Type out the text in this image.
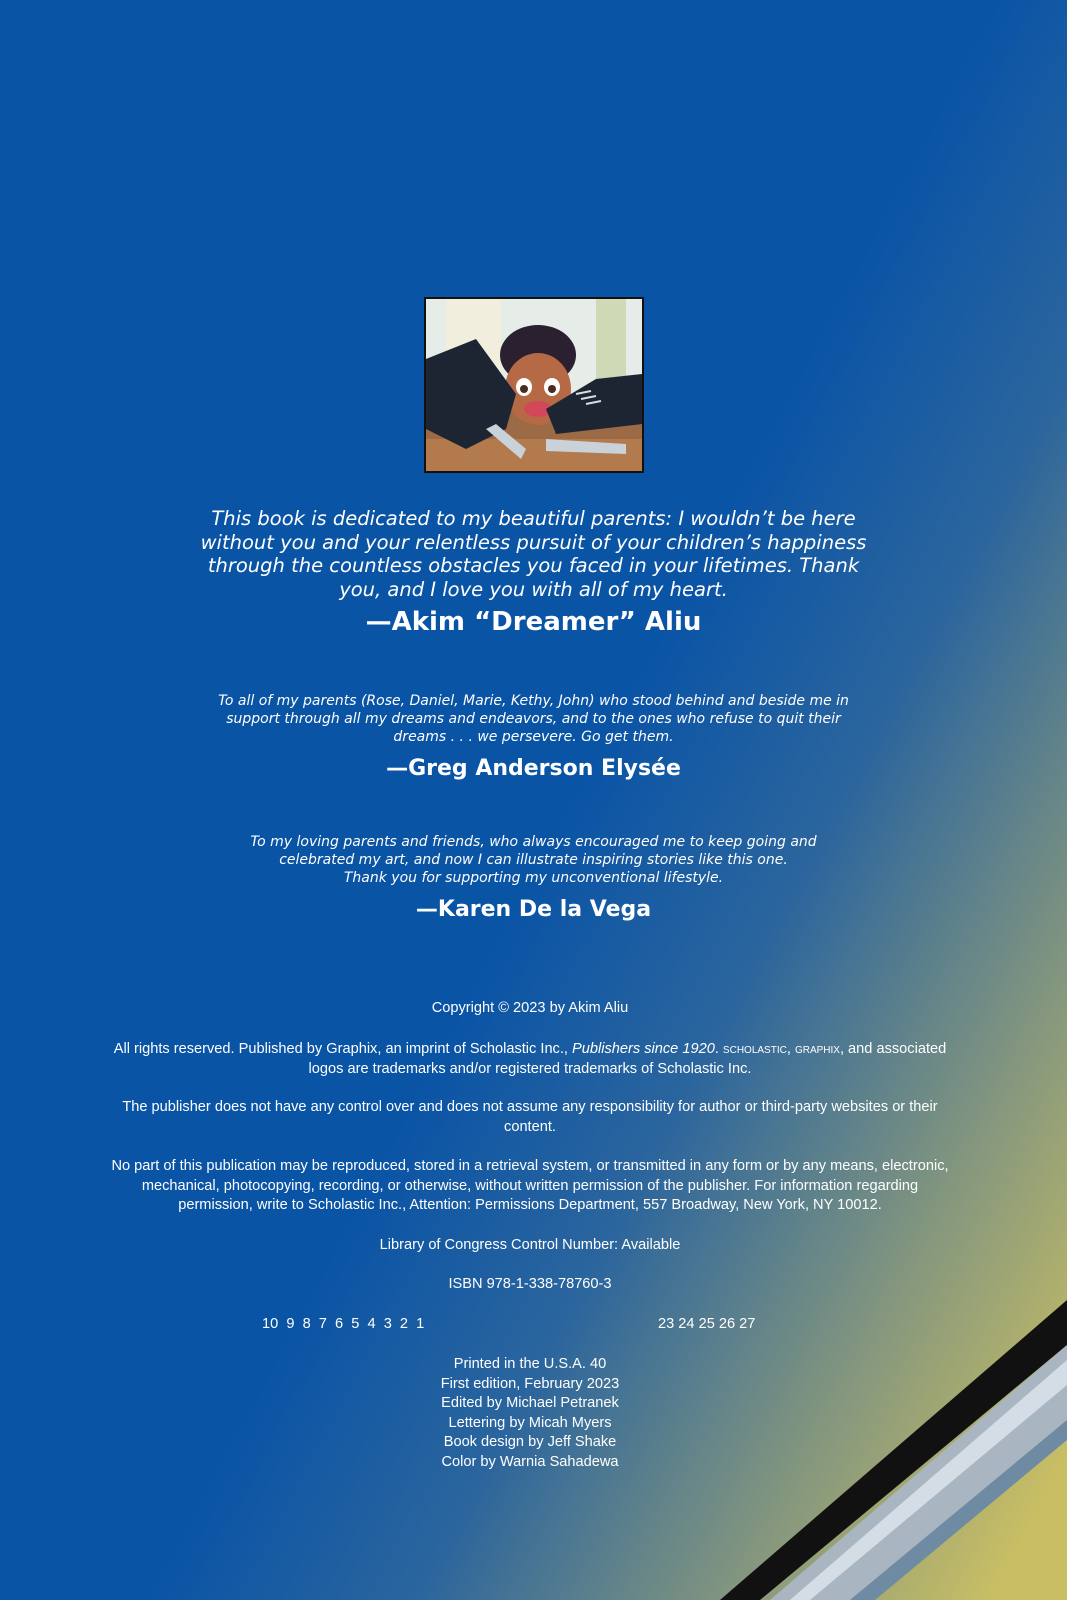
This book is dedicated to my beautiful parents: I wouldn’t be here without you and your relentless pursuit of your children’s happiness through the countless obstacles you faced in your lifetimes. Thank you, and I love you with all of my heart.
—Akim “Dreamer” Aliu
To all of my parents (Rose, Daniel, Marie, Kethy, John) who stood behind and beside me in support through all my dreams and endeavors, and to the ones who refuse to quit their dreams . . . we persevere. Go get them.
—Greg Anderson Elysée
To my loving parents and friends, who always encouraged me to keep going and
celebrated my art, and now I can illustrate inspiring stories like this one.
Thank you for supporting my unconventional lifestyle.
—Karen De la Vega

Copyright © 2023 by Akim Aliu

All rights reserved. Published by Graphix, an imprint of Scholastic Inc., Publishers since 1920. scholastic, graphix, and associated logos are trademarks and/or registered trademarks of Scholastic Inc.

The publisher does not have any control over and does not assume any responsibility for author or third-party websites or their content.

No part of this publication may be reproduced, stored in a retrieval system, or transmitted in any form or by any means, electronic, mechanical, photocopying, recording, or otherwise, without written permission of the publisher. For information regarding permission, write to Scholastic Inc., Attention: Permissions Department, 557 Broadway, New York, NY 10012.

Library of Congress Control Number: Available

ISBN 978-1-338-78760-3

10  9  8  7  6  5  4  3  2  1	23 24 25 26 27
Printed in the U.S.A. 40
First edition, February 2023
Edited by Michael Petranek
Lettering by Micah Myers
Book design by Jeff Shake
Color by Warnia Sahadewa
